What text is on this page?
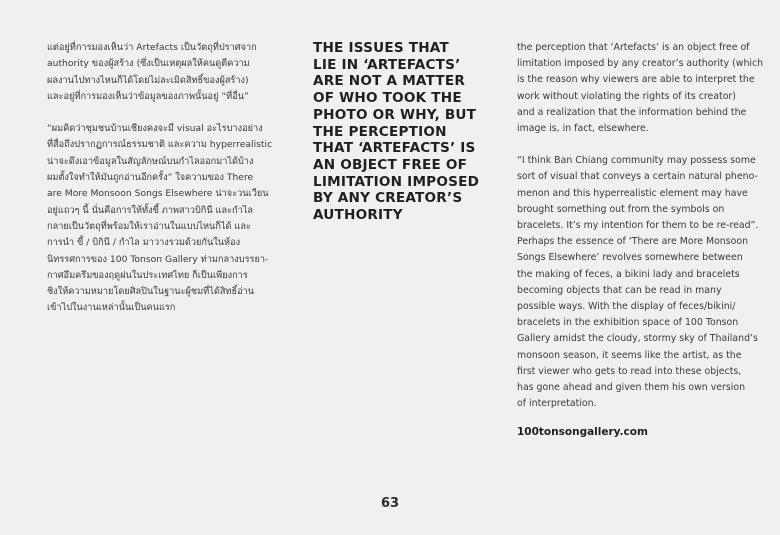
แต่อยู่ที่การมองเห็นว่า Artefacts เป็นวัตถุที่ปราศจาก

authority ของผู้สร้าง (ซึ่งเป็นเหตุผลให้คนดูตีความ

ผลงานไปทางไหนก็ได้โดยไม่ละเมิดสิทธิ์ของผู้สร้าง)

และอยู่ที่การมองเห็นว่าข้อมูลของภาพนั้นอยู่ “ที่อื่น”

“ผมคิดว่าชุมชนบ้านเชียงคงจะมี visual อะไรบางอย่าง

ที่สื่อถึงปรากฏการณ์ธรรมชาติ และความ hyperrealistic

น่าจะดึงเอาข้อมูลในสัญลักษณ์บนกำไลออกมาได้บ้าง

ผมตั้งใจทำให้มันถูกอ่านอีกครั้ง” ใจความของ There

are More Monsoon Songs Elsewhere น่าจะวนเวียน

อยู่แถวๆ นี้ นั่นคือการให้ทั้งขี้ ภาพสาวบิกินี และกำไล

กลายเป็นวัตถุที่พร้อมให้เราอ่านในแบบไหนก็ได้ และ

การนำ ขี้ / บิกินี / กำไล มาวางรวมด้วยกันในห้อง

นิทรรศการของ 100 Tonson Gallery ท่ามกลางบรรยา-

กาศอึมครึมของฤดูฝนในประเทศไทย ก็เป็นเพียงการ

ชิงให้ความหมายโดยศิลปินในฐานะผู้ชมที่ได้สิทธิ์อ่าน

เข้าไปในงานเหล่านั้นเป็นคนแรก

THE ISSUES THAT
LIE IN ‘ARTEFACTS’
ARE NOT A MATTER
OF WHO TOOK THE
PHOTO OR WHY, BUT
THE PERCEPTION
THAT ‘ARTEFACTS’ IS
AN OBJECT FREE OF
LIMITATION IMPOSED
BY ANY CREATOR’S
AUTHORITY

the perception that ‘Artefacts’ is an object free of

limitation imposed by any creator’s authority (which

is the reason why viewers are able to interpret the

work without violating the rights of its creator)

and a realization that the information behind the

image is, in fact, elsewhere.

“I think Ban Chiang community may possess some

sort of visual that conveys a certain natural pheno-

menon and this hyperrealistic element may have

brought something out from the symbols on

bracelets. It’s my intention for them to be re-read”.

Perhaps the essence of ‘There are More Monsoon

Songs Elsewhere’ revolves somewhere between

the making of feces, a bikini lady and bracelets

becoming objects that can be read in many

possible ways. With the display of feces/bikini/

bracelets in the exhibition space of 100 Tonson

Gallery amidst the cloudy, stormy sky of Thailand’s

monsoon season, it seems like the artist, as the

first viewer who gets to read into these objects,

has gone ahead and given them his own version

of interpretation.

100tonsongallery.com

63
